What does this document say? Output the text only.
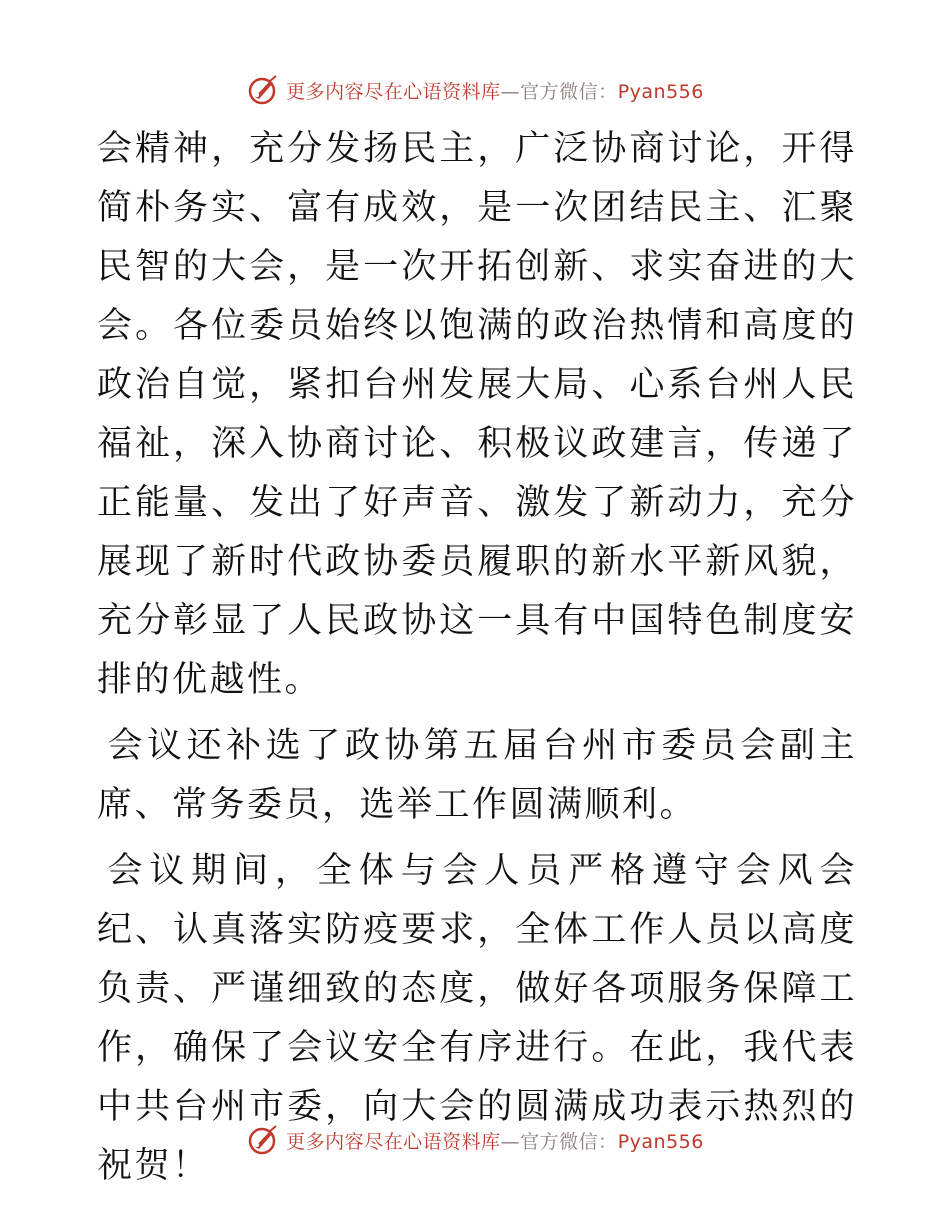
更多内容尽在心语资料库—官方微信：Pyan556

会精神，充分发扬民主，广泛协商讨论，开得简朴务实、富有成效，是一次团结民主、汇聚民智的大会，是一次开拓创新、求实奋进的大会。各位委员始终以饱满的政治热情和高度的政治自觉，紧扣台州发展大局、心系台州人民福祉，深入协商讨论、积极议政建言，传递了正能量、发出了好声音、激发了新动力，充分展现了新时代政协委员履职的新水平新风貌，充分彰显了人民政协这一具有中国特色制度安排的优越性。

会议还补选了政协第五届台州市委员会副主席、常务委员，选举工作圆满顺利。

会议期间，全体与会人员严格遵守会风会纪、认真落实防疫要求，全体工作人员以高度负责、严谨细致的态度，做好各项服务保障工作，确保了会议安全有序进行。在此，我代表中共台州市委，向大会的圆满成功表示热烈的祝贺！

更多内容尽在心语资料库—官方微信：Pyan556
